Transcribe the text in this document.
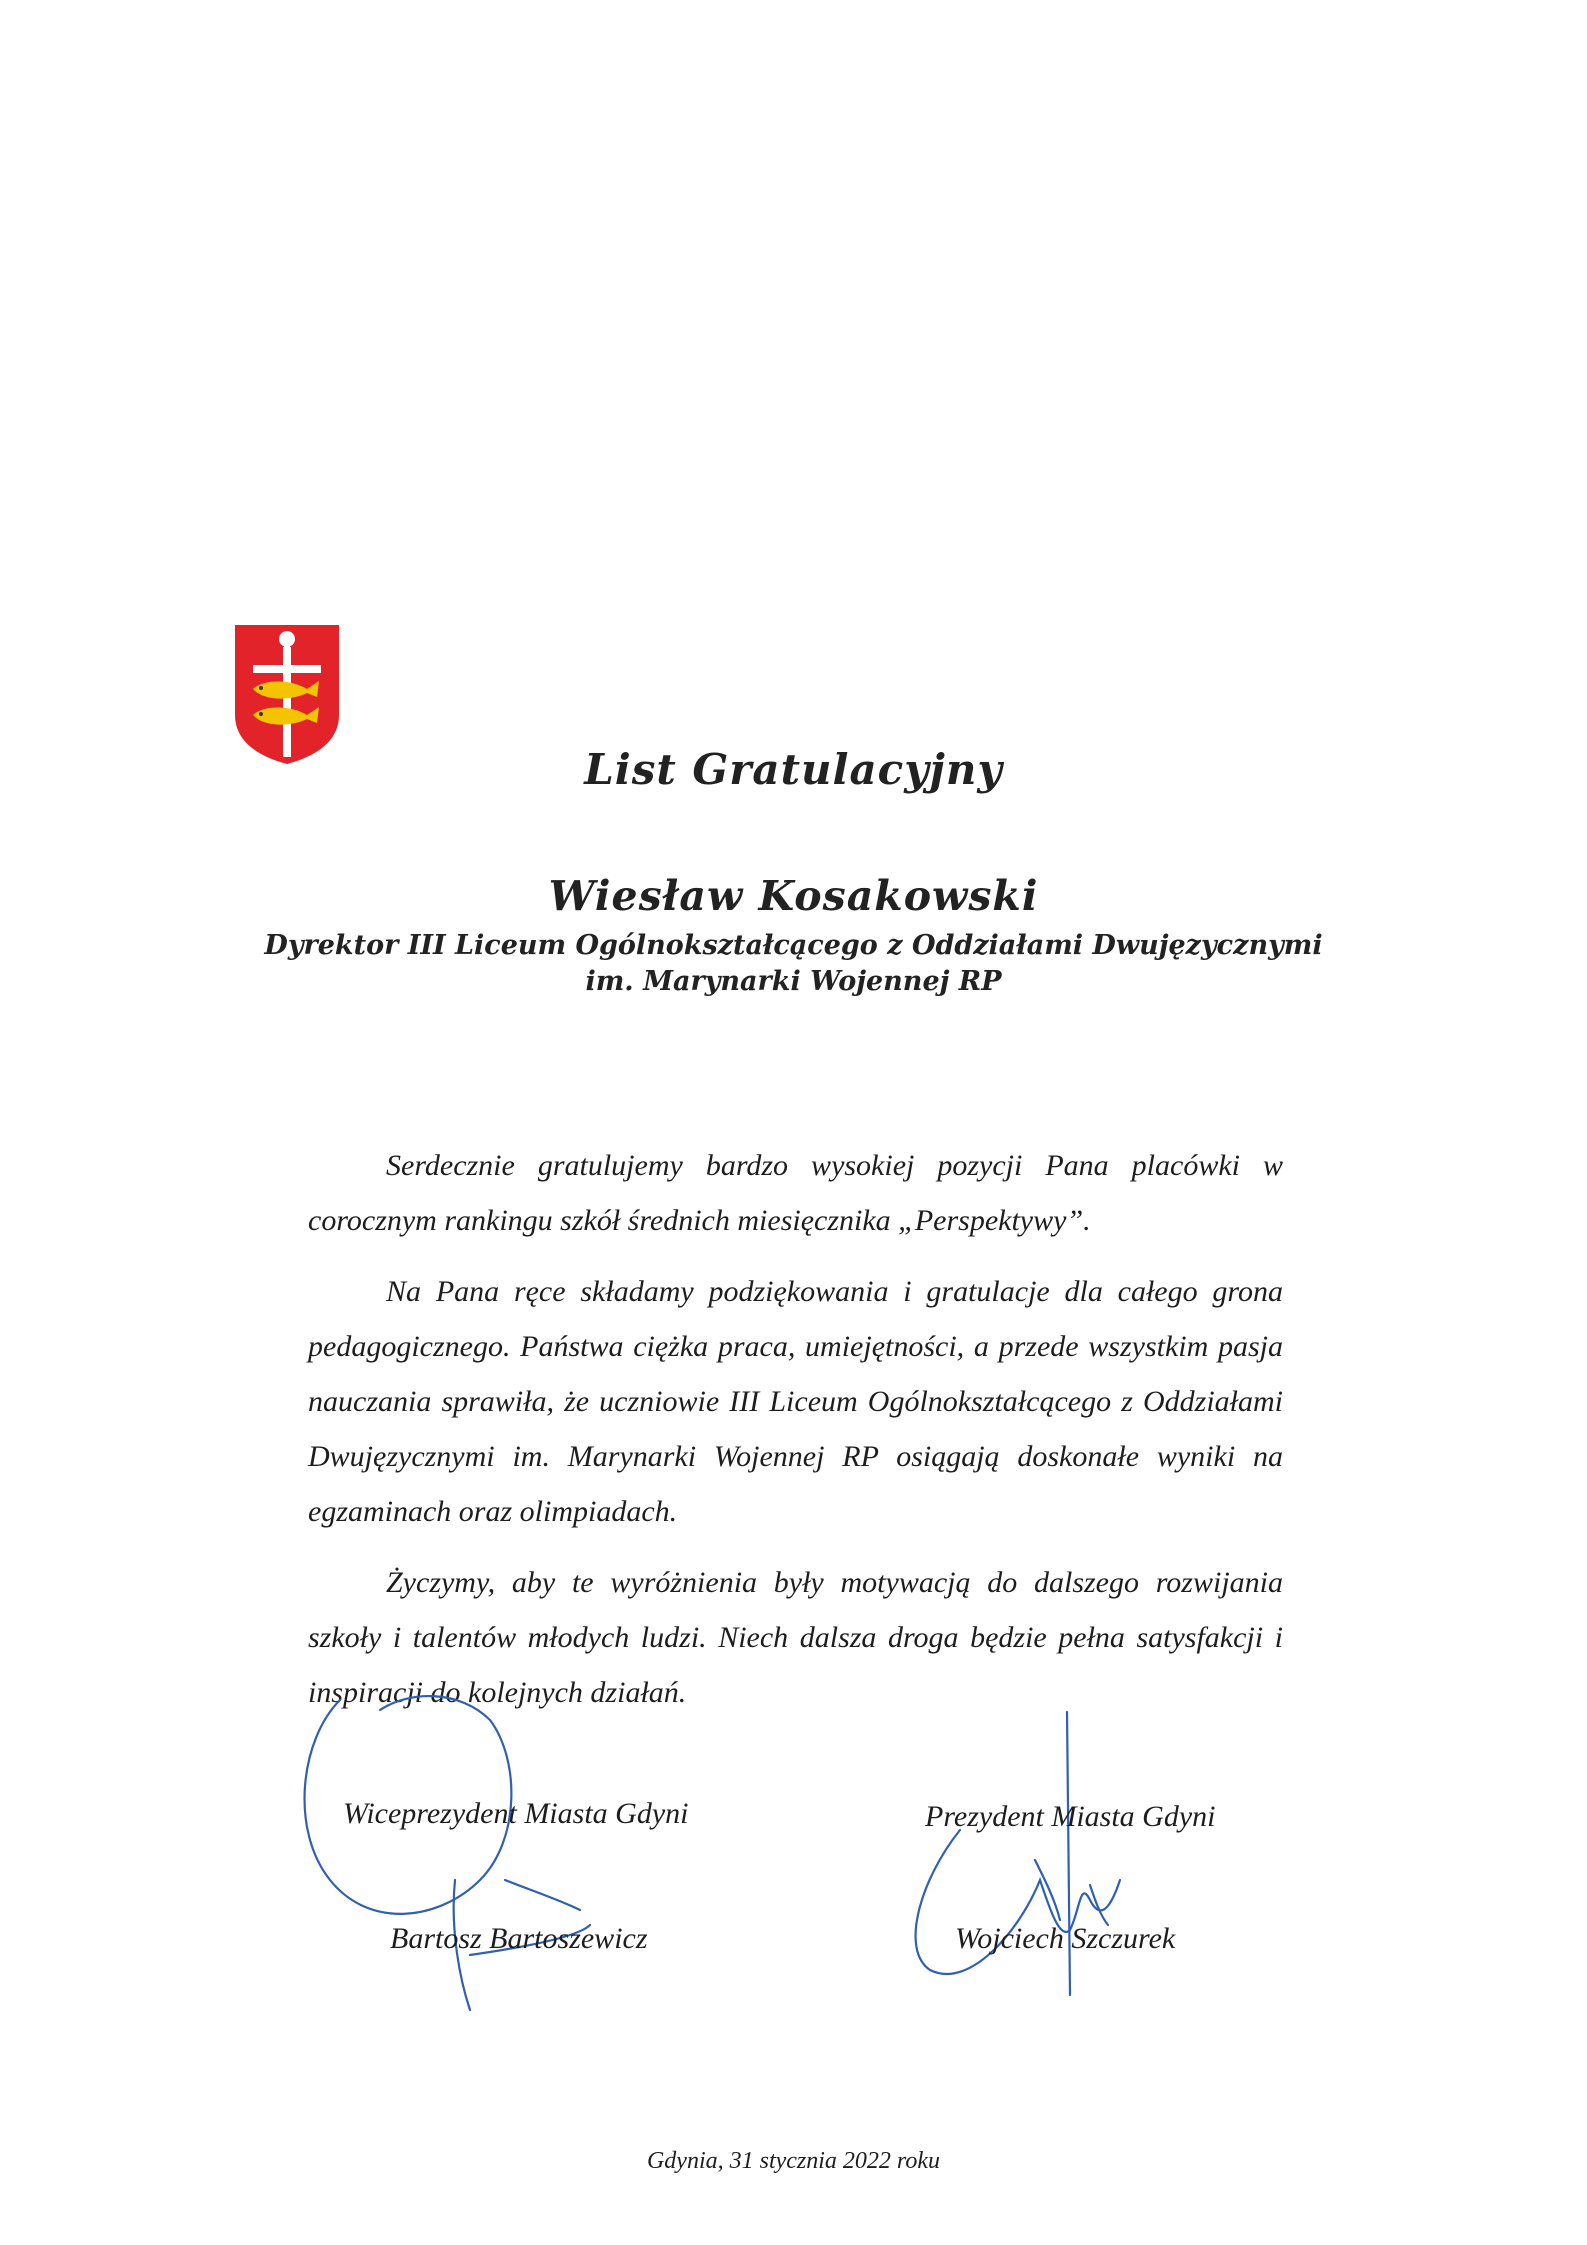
List Gratulacyjny
Wiesław Kosakowski
Dyrektor III Liceum Ogólnokształcącego z Oddziałami Dwujęzycznymi
im. Marynarki Wojennej RP

Serdecznie gratulujemy bardzo wysokiej pozycji Pana placówki w corocznym rankingu szkół średnich miesięcznika „Perspektywy”.

Na Pana ręce składamy podziękowania i gratulacje dla całego grona pedagogicznego. Państwa ciężka praca, umiejętności, a przede wszystkim pasja nauczania sprawiła, że uczniowie III Liceum Ogólnokształcącego z Oddziałami Dwujęzycznymi im. Marynarki Wojennej RP osiągają doskonałe wyniki na egzaminach oraz olimpiadach.

Życzymy, aby te wyróżnienia były motywacją do dalszego rozwijania szkoły i talentów młodych ludzi. Niech dalsza droga będzie pełna satysfakcji i inspiracji do kolejnych działań.

Wiceprezydent Miasta Gdyni
Bartosz Bartoszewicz
Prezydent Miasta Gdyni
Wojciech Szczurek
Gdynia, 31 stycznia 2022 roku
